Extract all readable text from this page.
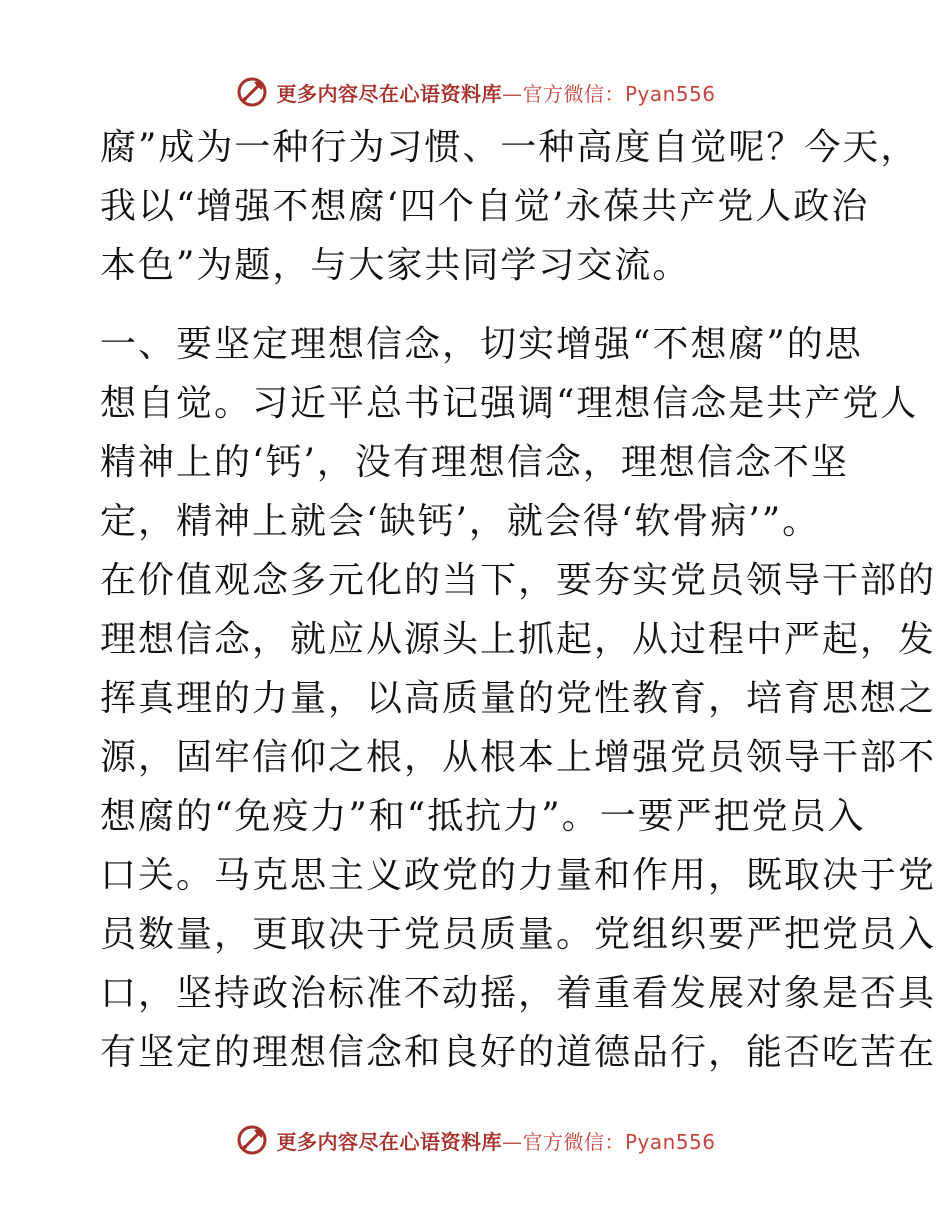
更多内容尽在心语资料库—官方微信：Pyan556
腐”成为一种行为习惯、一种高度自觉呢？今天，
我以“增强不想腐‘四个自觉’永葆共产党人政治
本色”为题，与大家共同学习交流。
一、要坚定理想信念，切实增强“不想腐”的思
想自觉。习近平总书记强调“理想信念是共产党人
精神上的‘钙’，没有理想信念，理想信念不坚
定，精神上就会‘缺钙’，就会得‘软骨病’”。
在价值观念多元化的当下，要夯实党员领导干部的
理想信念，就应从源头上抓起，从过程中严起，发
挥真理的力量，以高质量的党性教育，培育思想之
源，固牢信仰之根，从根本上增强党员领导干部不
想腐的“免疫力”和“抵抗力”。一要严把党员入
口关。马克思主义政党的力量和作用，既取决于党
员数量，更取决于党员质量。党组织要严把党员入
口，坚持政治标准不动摇，着重看发展对象是否具
有坚定的理想信念和良好的道德品行，能否吃苦在
更多内容尽在心语资料库—官方微信：Pyan556
